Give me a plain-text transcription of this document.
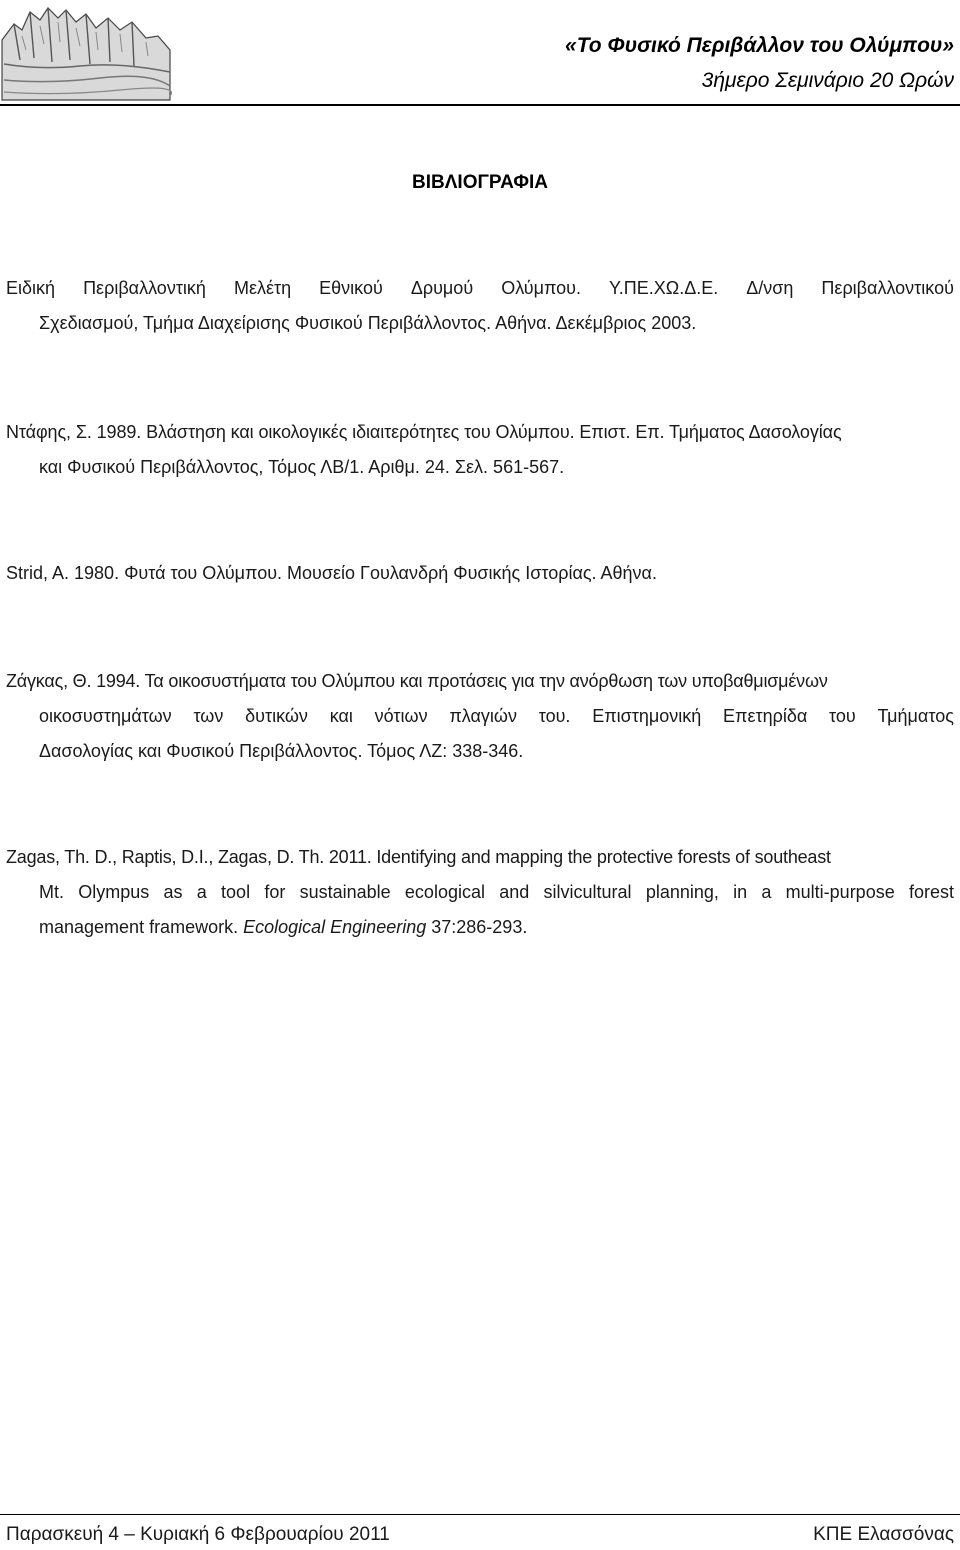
«Το Φυσικό Περιβάλλον του Ολύμπου»
3ήμερο Σεμινάριο 20 Ωρών
ΒΙΒΛΙΟΓΡΑΦΙΑ
Ειδική Περιβαλλοντική Μελέτη Εθνικού Δρυμού Ολύμπου. Υ.ΠΕ.ΧΩ.Δ.Ε. Δ/νση Περιβαλλοντικού
Σχεδιασμού, Τμήμα Διαχείρισης Φυσικού Περιβάλλοντος. Αθήνα. Δεκέμβριος 2003.
Ντάφης, Σ. 1989. Βλάστηση και οικολογικές ιδιαιτερότητες του Ολύμπου. Επιστ. Επ. Τμήματος Δασολογίας
και Φυσικού Περιβάλλοντος, Τόμος ΛΒ/1. Αριθμ. 24. Σελ. 561-567.
Strid, A. 1980. Φυτά του Ολύμπου. Μουσείο Γουλανδρή Φυσικής Ιστορίας. Αθήνα.
Ζάγκας, Θ. 1994. Τα οικοσυστήματα του Ολύμπου και προτάσεις για την ανόρθωση των υποβαθμισμένων
οικοσυστημάτων των δυτικών και νότιων πλαγιών του. Επιστημονική Επετηρίδα του Τμήματος
Δασολογίας και Φυσικού Περιβάλλοντος. Τόμος ΛΖ: 338-346.
Zagas, Th. D., Raptis, D.I., Zagas, D. Th. 2011. Identifying and mapping the protective forests of southeast
Mt. Olympus as a tool for sustainable ecological and silvicultural planning, in a multi-purpose forest
management framework. Ecological Engineering 37:286-293.
Παρασκευή 4 – Κυριακή 6 Φεβρουαρίου 2011	ΚΠΕ Ελασσόνας
